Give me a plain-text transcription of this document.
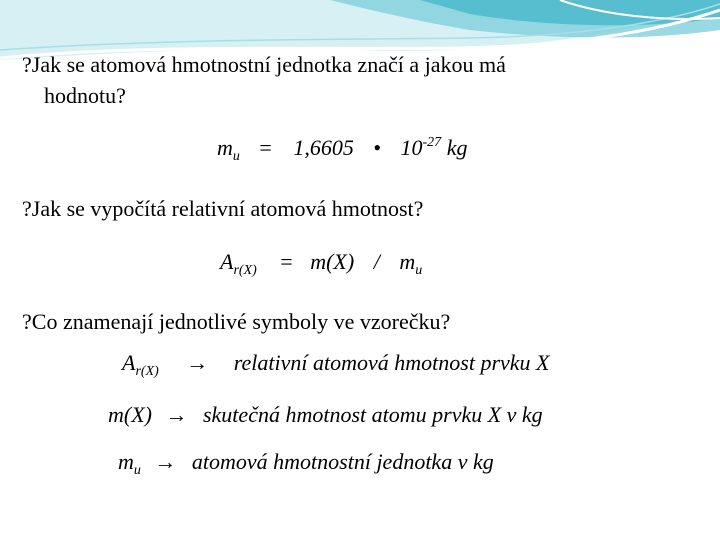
?Jak se atomová hmotnostní jednotka značí a jakou má
hodnotu?
$m_u = 1,6605$ • $10^{-27}$ kg
?Jak se vypočítá relativní atomová hmotnost?
$A_{r(X)} = m(X) / m_u$
?Co znamenají jednotlivé symboly ve vzorečku?
$A_{r(X)}$ → relativní atomová hmotnost prvku X
m(X) → skutečná hmotnost atomu prvku X v kg
$m_u$ → atomová hmotnostní jednotka v kg
